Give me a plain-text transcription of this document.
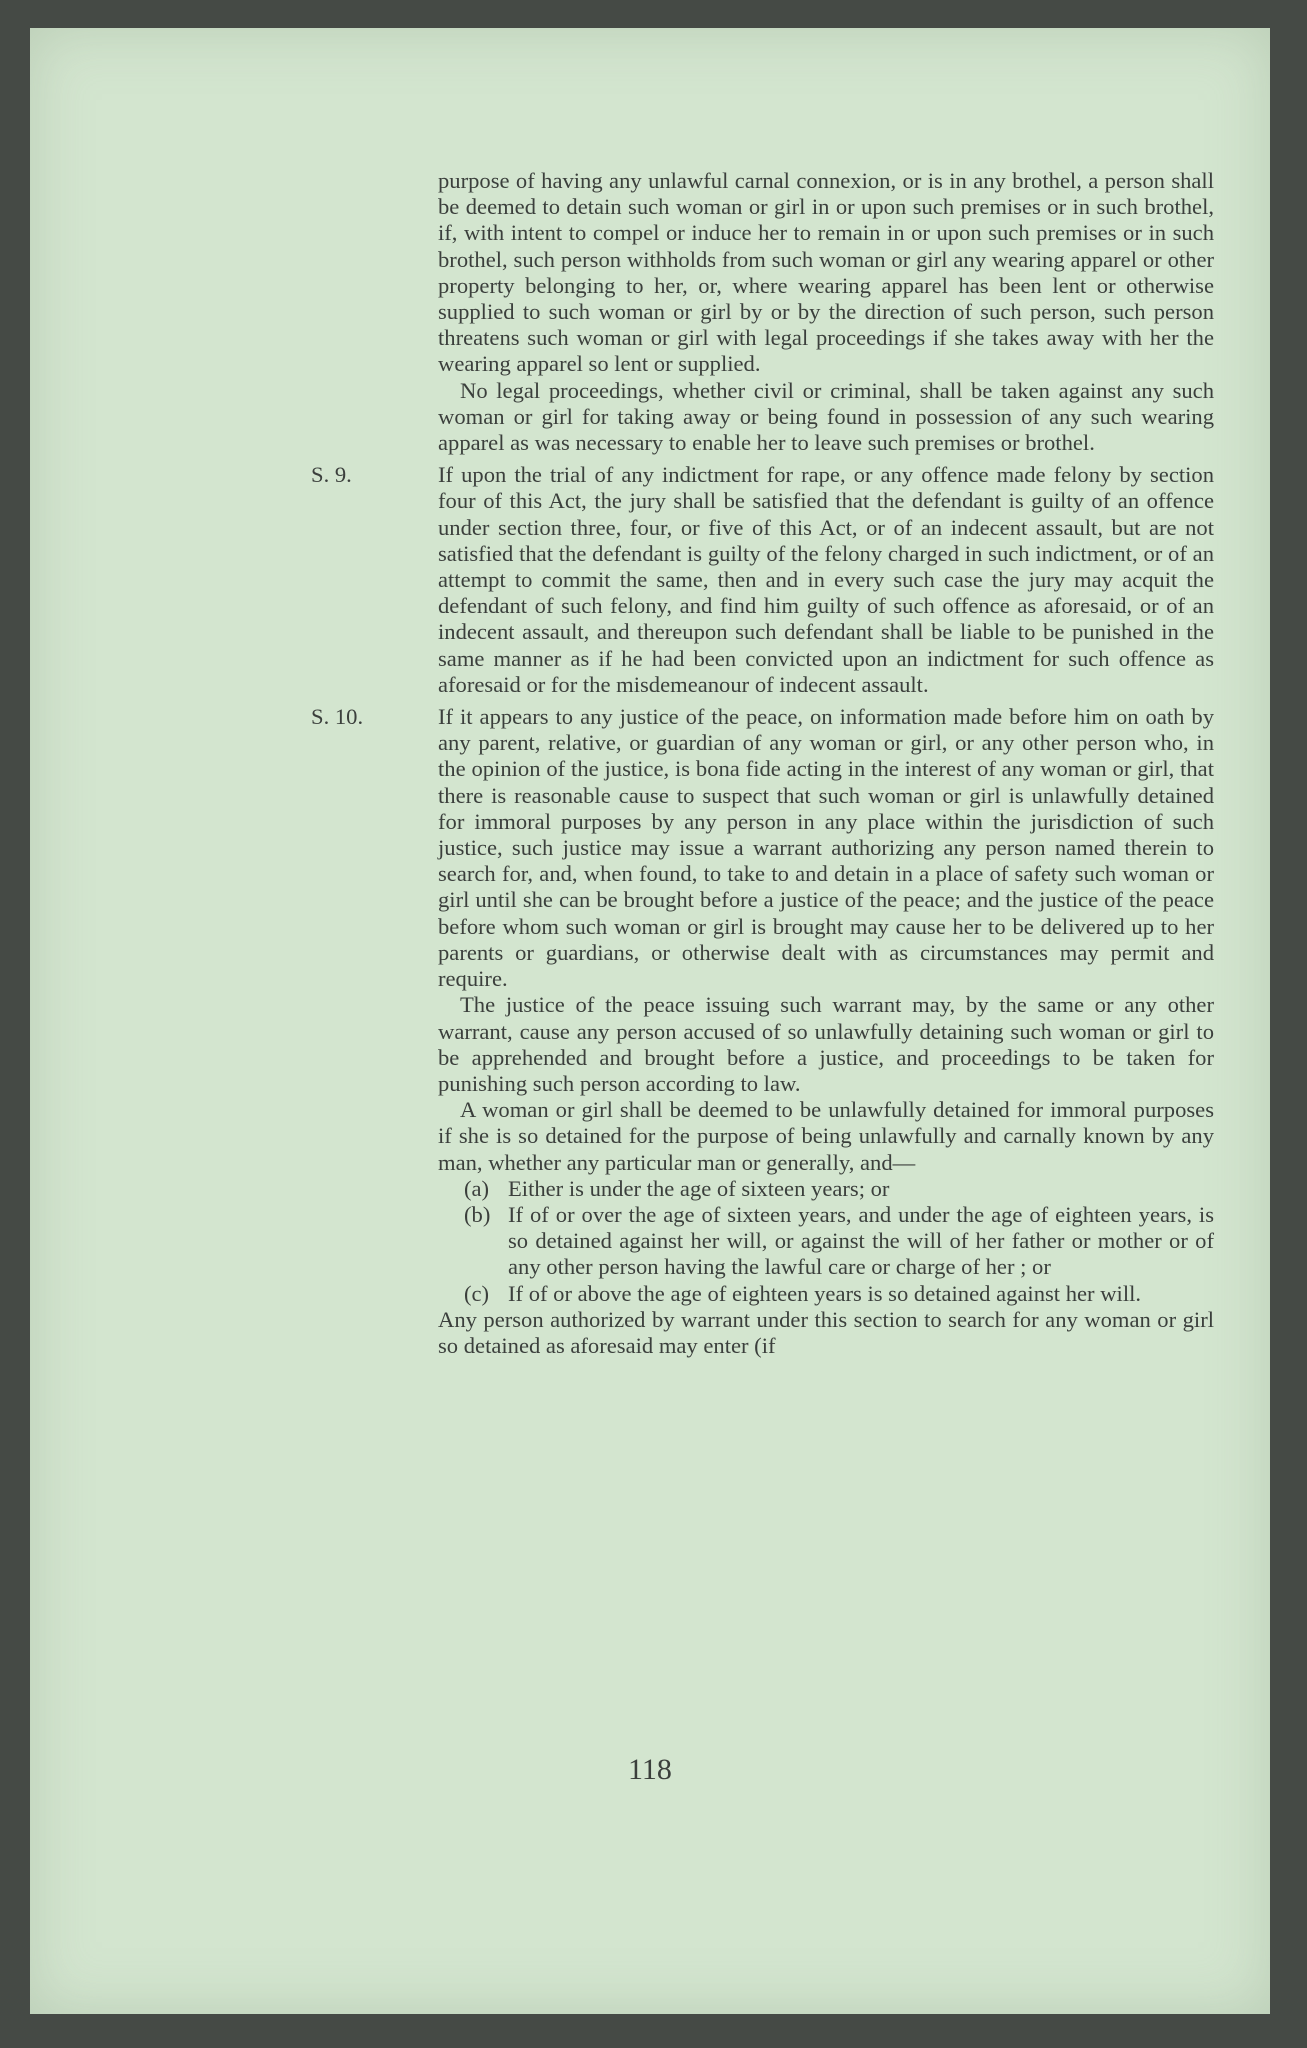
purpose of having any unlawful carnal connexion, or is in any brothel, a person shall be deemed to detain such woman or girl in or upon such premises or in such brothel, if, with intent to compel or induce her to remain in or upon such premises or in such brothel, such person withholds from such woman or girl any wearing apparel or other property belonging to her, or, where wearing apparel has been lent or otherwise supplied to such woman or girl by or by the direction of such person, such person threatens such woman or girl with legal proceedings if she takes away with her the wearing apparel so lent or supplied.

No legal proceedings, whether civil or criminal, shall be taken against any such woman or girl for taking away or being found in possession of any such wearing apparel as was necessary to enable her to leave such premises or brothel.

S. 9.	If upon the trial of any indictment for rape, or any offence made felony by section four of this Act, the jury shall be satisfied that the defendant is guilty of an offence under section three, four, or five of this Act, or of an indecent assault, but are not satisfied that the defendant is guilty of the felony charged in such indictment, or of an attempt to commit the same, then and in every such case the jury may acquit the defendant of such felony, and find him guilty of such offence as aforesaid, or of an indecent assault, and thereupon such defendant shall be liable to be punished in the same manner as if he had been convicted upon an indictment for such offence as aforesaid or for the misdemeanour of indecent assault.

S. 10.	If it appears to any justice of the peace, on information made before him on oath by any parent, relative, or guardian of any woman or girl, or any other person who, in the opinion of the justice, is bona fide acting in the interest of any woman or girl, that there is reasonable cause to suspect that such woman or girl is unlawfully detained for immoral purposes by any person in any place within the jurisdiction of such justice, such justice may issue a warrant authorizing any person named therein to search for, and, when found, to take to and detain in a place of safety such woman or girl until she can be brought before a justice of the peace; and the justice of the peace before whom such woman or girl is brought may cause her to be delivered up to her parents or guardians, or otherwise dealt with as circumstances may permit and require.

The justice of the peace issuing such warrant may, by the same or any other warrant, cause any person accused of so unlawfully detaining such woman or girl to be apprehended and brought before a justice, and proceedings to be taken for punishing such person according to law.

A woman or girl shall be deemed to be unlawfully detained for immoral purposes if she is so detained for the purpose of being unlawfully and carnally known by any man, whether any particular man or generally, and—

(a) Either is under the age of sixteen years; or
(b) If of or over the age of sixteen years, and under the age of eighteen years, is so detained against her will, or against the will of her father or mother or of any other person having the lawful care or charge of her ; or
(c) If of or above the age of eighteen years is so detained against her will.

Any person authorized by warrant under this section to search for any woman or girl so detained as aforesaid may enter (if

118
